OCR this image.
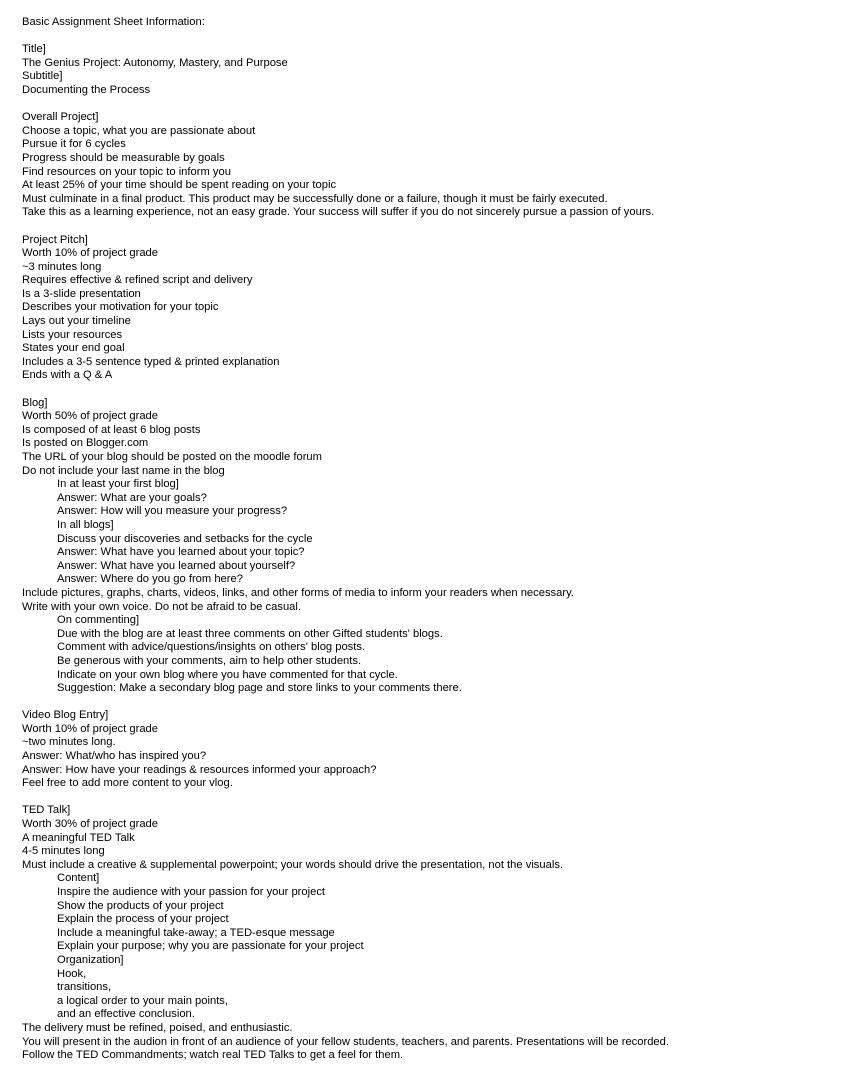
Basic Assignment Sheet Information:
Title]
The Genius Project: Autonomy, Mastery, and Purpose
Subtitle]
Documenting the Process
Overall Project]
Choose a topic, what you are passionate about
Pursue it for 6 cycles
Progress should be measurable by goals
Find resources on your topic to inform you
At least 25% of your time should be spent reading on your topic
Must culminate in a final product. This product may be successfully done or a failure, though it must be fairly executed.
Take this as a learning experience, not an easy grade. Your success will suffer if you do not sincerely pursue a passion of yours.
Project Pitch]
Worth 10% of project grade
~3 minutes long
Requires effective & refined script and delivery
Is a 3-slide presentation
Describes your motivation for your topic
Lays out your timeline
Lists your resources
States your end goal
Includes a 3-5 sentence typed & printed explanation
Ends with a Q & A
Blog]
Worth 50% of project grade
Is composed of at least 6 blog posts
Is posted on Blogger.com
The URL of your blog should be posted on the moodle forum
Do not include your last name in the blog
In at least your first blog]
Answer: What are your goals?
Answer: How will you measure your progress?
In all blogs]
Discuss your discoveries and setbacks for the cycle
Answer: What have you learned about your topic?
Answer: What have you learned about yourself?
Answer: Where do you go from here?
Include pictures, graphs, charts, videos, links, and other forms of media to inform your readers when necessary.
Write with your own voice. Do not be afraid to be casual.
On commenting]
Due with the blog are at least three comments on other Gifted students' blogs.
Comment with advice/questions/insights on others' blog posts.
Be generous with your comments, aim to help other students.
Indicate on your own blog where you have commented for that cycle.
Suggestion: Make a secondary blog page and store links to your comments there.
Video Blog Entry]
Worth 10% of project grade
~two minutes long.
Answer: What/who has inspired you?
Answer: How have your readings & resources informed your approach?
Feel free to add more content to your vlog.
TED Talk]
Worth 30% of project grade
A meaningful TED Talk
4-5 minutes long
Must include a creative & supplemental powerpoint; your words should drive the presentation, not the visuals.
Content]
Inspire the audience with your passion for your project
Show the products of your project
Explain the process of your project
Include a meaningful take-away; a TED-esque message
Explain your purpose; why you are passionate for your project
Organization]
Hook,
transitions,
a logical order to your main points,
and an effective conclusion.
The delivery must be refined, poised, and enthusiastic.
You will present in the audion in front of an audience of your fellow students, teachers, and parents. Presentations will be recorded.
Follow the TED Commandments; watch real TED Talks to get a feel for them.
